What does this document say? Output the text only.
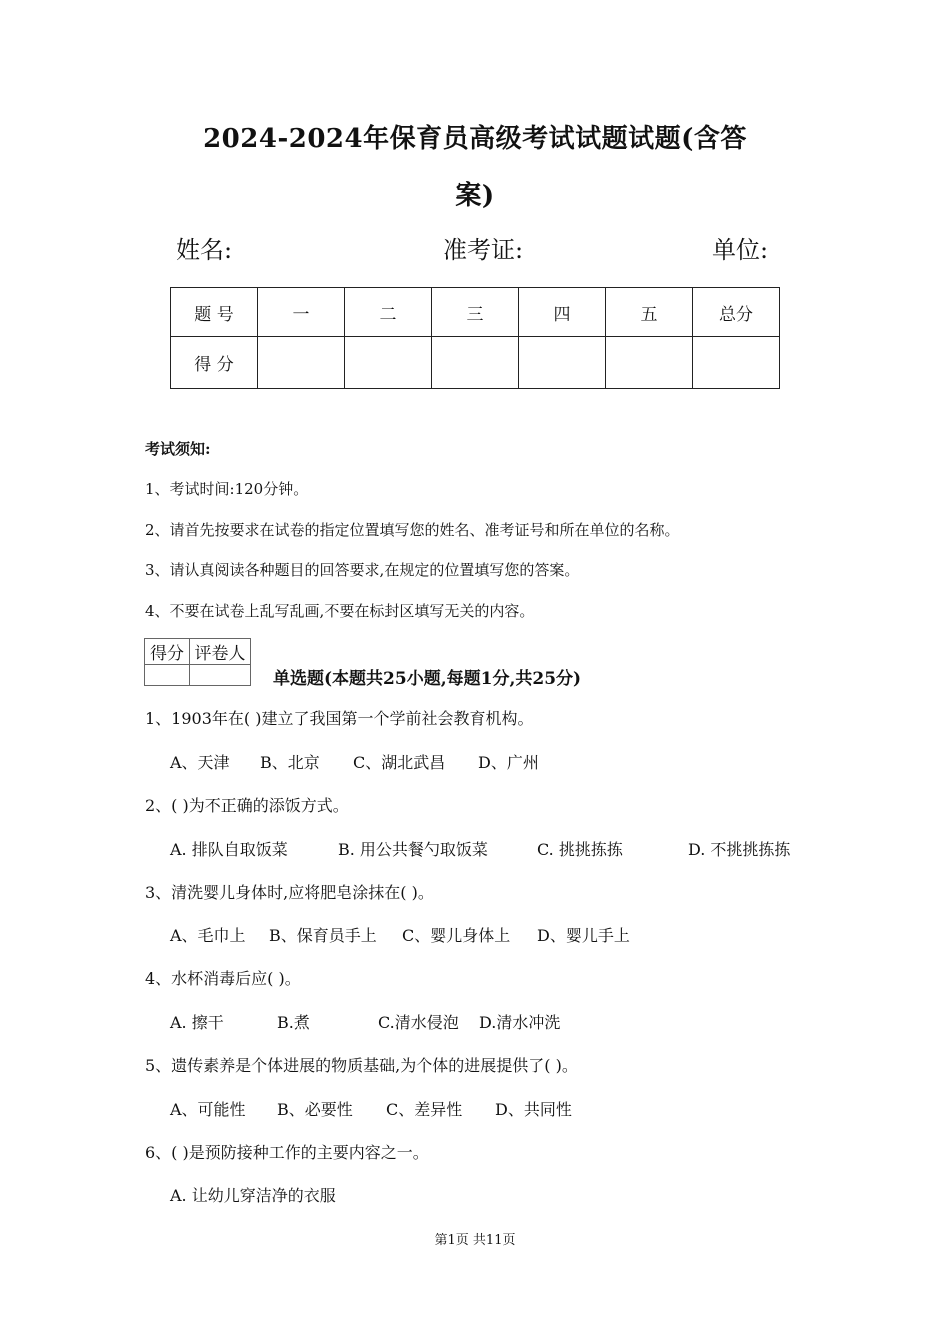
2024-2024年保育员高级考试试题试题(含答
案)
姓名:	准考证:	单位:
题 号	一	二	三	四	五	总分
得 分						
考试须知:
1、考试时间:120分钟。
2、请首先按要求在试卷的指定位置填写您的姓名、准考证号和所在单位的名称。
3、请认真阅读各种题目的回答要求,在规定的位置填写您的答案。
4、不要在试卷上乱写乱画,不要在标封区填写无关的内容。
得分	评卷人

单选题(本题共25小题,每题1分,共25分)
1、1903年在( )建立了我国第一个学前社会教育机构。
A、天津 B、北京 C、湖北武昌 D、广州
2、( )为不正确的添饭方式。
A. 排队自取饭菜	B. 用公共餐勺取饭菜	C. 挑挑拣拣	D. 不挑挑拣拣
3、清洗婴儿身体时,应将肥皂涂抹在( )。
A、毛巾上 B、保育员手上 C、婴儿身体上 D、婴儿手上
4、水杯消毒后应( )。
A. 擦干	B.煮	C.清水侵泡 D.清水冲洗
5、遗传素养是个体进展的物质基础,为个体的进展提供了( )。
A、可能性 B、必要性 C、差异性 D、共同性
6、( )是预防接种工作的主要内容之一。
A. 让幼儿穿洁净的衣服
第1页 共11页
